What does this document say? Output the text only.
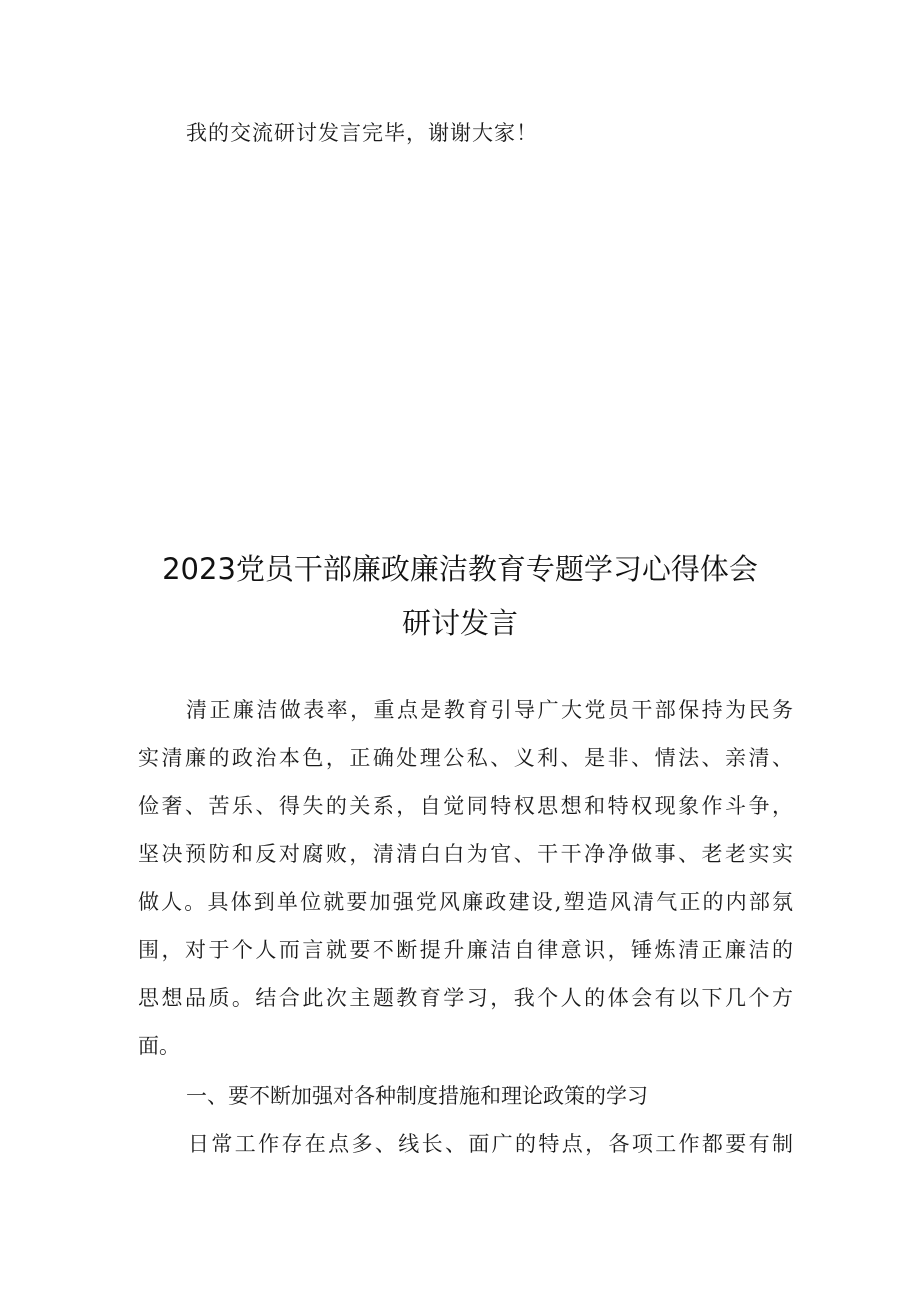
我的交流研讨发言完毕，谢谢大家！
2023党员干部廉政廉洁教育专题学习心得体会
研讨发言
清正廉洁做表率，重点是教育引导广大党员干部保持为民务
实清廉的政治本色，正确处理公私、义利、是非、情法、亲清、
俭奢、苦乐、得失的关系，自觉同特权思想和特权现象作斗争，
坚决预防和反对腐败，清清白白为官、干干净净做事、老老实实
做人。具体到单位就要加强党风廉政建设,塑造风清气正的内部氛
围，对于个人而言就要不断提升廉洁自律意识，锤炼清正廉洁的
思想品质。结合此次主题教育学习，我个人的体会有以下几个方
面。
一、要不断加强对各种制度措施和理论政策的学习
日常工作存在点多、线长、面广的特点，各项工作都要有制
